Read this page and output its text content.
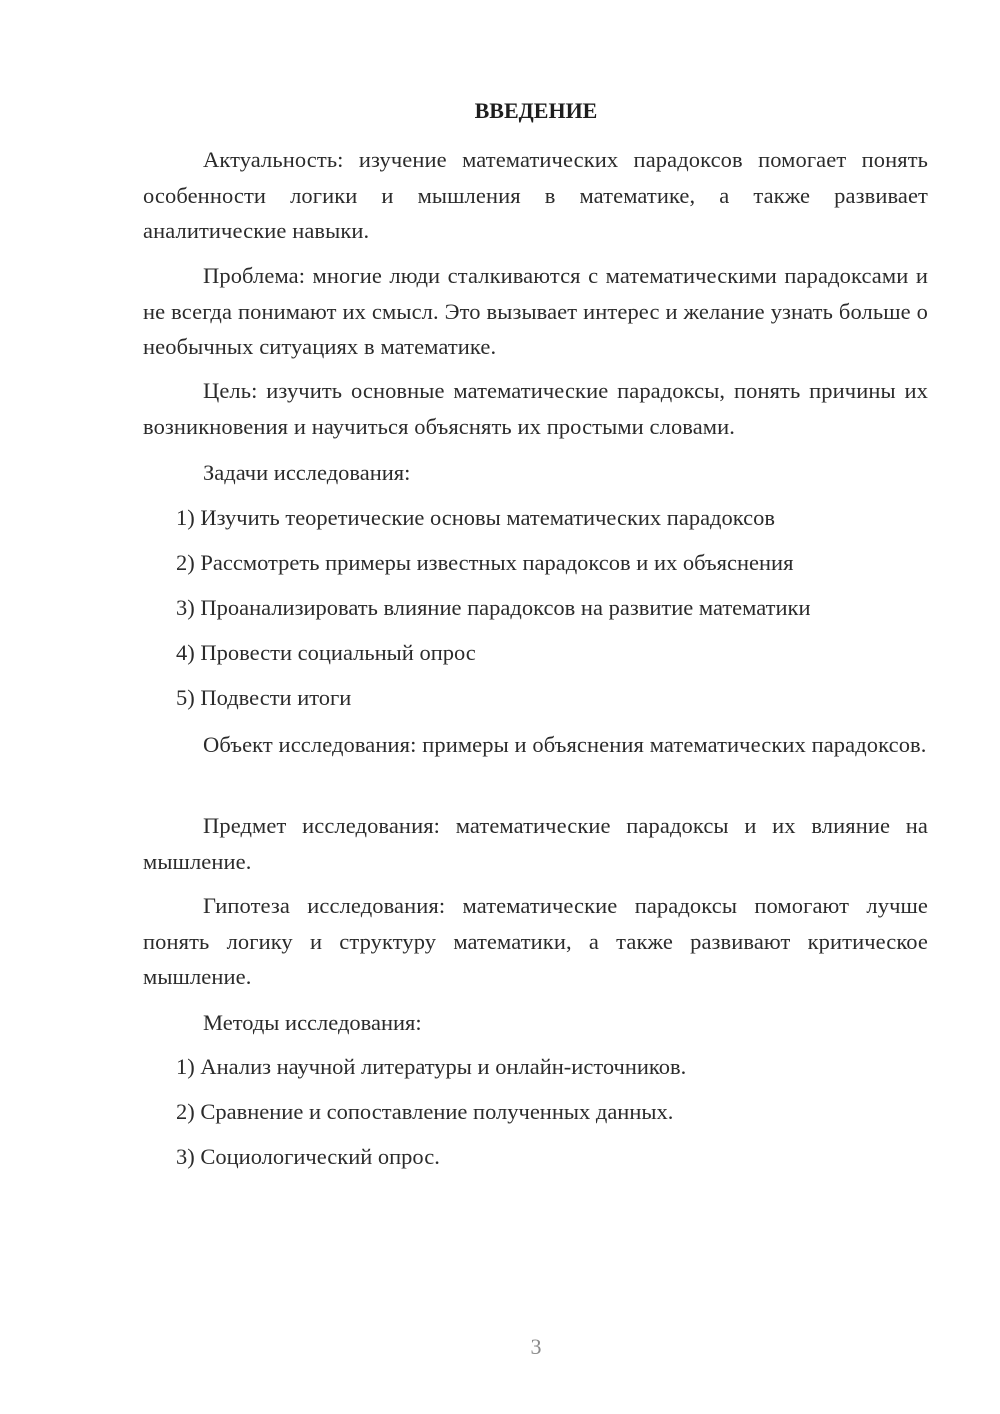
ВВЕДЕНИЕ
Актуальность: изучение математических парадоксов помогает понять особенности логики и мышления в математике, а также развивает аналитические навыки.
Проблема: многие люди сталкиваются с математическими парадоксами и не всегда понимают их смысл. Это вызывает интерес и желание узнать больше о необычных ситуациях в математике.
Цель: изучить основные математические парадоксы, понять причины их возникновения и научиться объяснять их простыми словами.
Задачи исследования:
1) Изучить теоретические основы математических парадоксов
2) Рассмотреть примеры известных парадоксов и их объяснения
3) Проанализировать влияние парадоксов на развитие математики
4) Провести социальный опрос
5) Подвести итоги
Объект исследования: примеры и объяснения математических парадоксов.
Предмет исследования: математические парадоксы и их влияние на мышление.
Гипотеза исследования: математические парадоксы помогают лучше понять логику и структуру математики, а также развивают критическое мышление.
Методы исследования:
1) Анализ научной литературы и онлайн-источников.
2) Сравнение и сопоставление полученных данных.
3) Социологический опрос.
3
